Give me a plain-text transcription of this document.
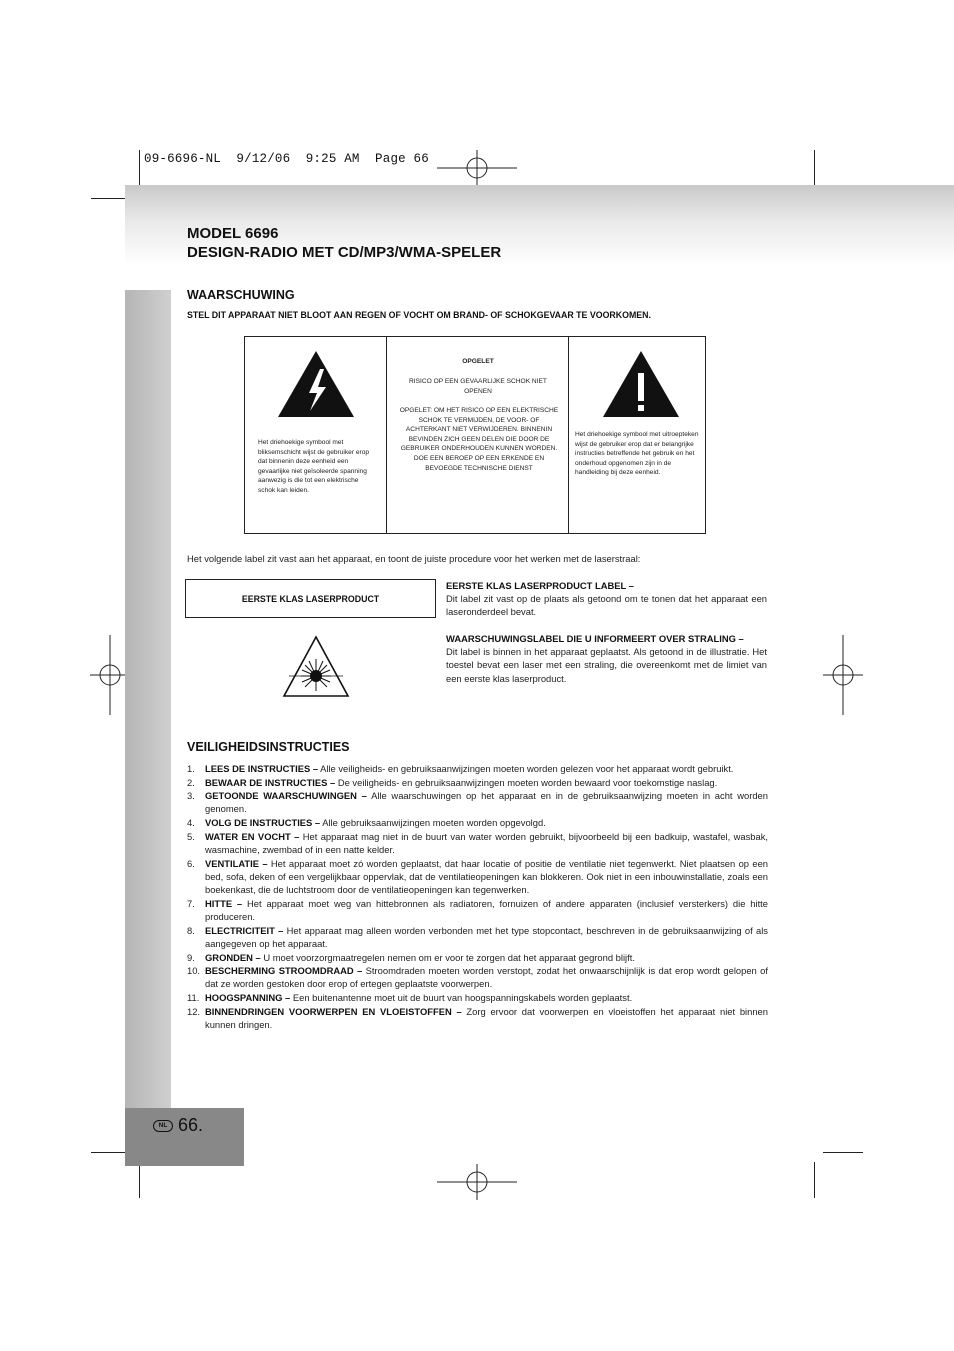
09-6696-NL  9/12/06  9:25 AM  Page 66
MODEL 6696
DESIGN-RADIO MET CD/MP3/WMA-SPELER
WAARSCHUWING
STEL DIT APPARAAT NIET BLOOT AAN REGEN OF VOCHT OM BRAND- OF SCHOKGEVAAR TE VOORKOMEN.
Het driehoekige symbool met bliksemschicht wijst de gebruiker erop dat binnenin deze eenheid een gevaarlijke niet geïsoleerde spanning aanwezig is die tot een elektrische schok kan leiden.
OPGELET
RISICO OP EEN GEVAARLIJKE SCHOK NIET OPENEN
OPGELET: OM HET RISICO OP EEN ELEKTRISCHE SCHOK TE VERMIJDEN, DE VOOR- OF ACHTERKANT NIET VERWIJDEREN. BINNENIN BEVINDEN ZICH GEEN DELEN DIE DOOR DE GEBRUIKER ONDERHOUDEN KUNNEN WORDEN. DOE EEN BEROEP OP EEN ERKENDE EN BEVOEGDE TECHNISCHE DIENST
Het driehoekige symbool met uitroepteken wijst de gebruiker erop dat er belangrijke instructies betreffende het gebruik en het onderhoud opgenomen zijn in de handleiding bij deze eenheid.
Het volgende label zit vast aan het apparaat, en toont de juiste procedure voor het werken met de laserstraal:
EERSTE KLAS LASERPRODUCT
EERSTE KLAS LASERPRODUCT LABEL –
Dit label zit vast op de plaats als getoond om te tonen dat het apparaat een laseronderdeel bevat.
WAARSCHUWINGSLABEL DIE U INFORMEERT OVER STRALING –
Dit label is binnen in het apparaat geplaatst. Als getoond in de illustratie. Het toestel bevat een laser met een straling, die overeenkomt met de limiet van een eerste klas laserproduct.
VEILIGHEIDSINSTRUCTIES
1.	LEES DE INSTRUCTIES – Alle veiligheids- en gebruiksaanwijzingen moeten worden gelezen voor het apparaat wordt gebruikt.
2.	BEWAAR DE INSTRUCTIES – De veiligheids- en gebruiksaanwijzingen moeten worden bewaard voor toekomstige naslag.
3.	GETOONDE WAARSCHUWINGEN – Alle waarschuwingen op het apparaat en in de gebruiksaanwijzing moeten in acht worden genomen.
4.	VOLG DE INSTRUCTIES – Alle gebruiksaanwijzingen moeten worden opgevolgd.
5.	WATER EN VOCHT – Het apparaat mag niet in de buurt van water worden gebruikt, bijvoorbeeld bij een badkuip, wastafel, wasbak, wasmachine, zwembad of in een natte kelder.
6.	VENTILATIE – Het apparaat moet zó worden geplaatst, dat haar locatie of positie de ventilatie niet tegenwerkt. Niet plaatsen op een bed, sofa, deken of een vergelijkbaar oppervlak, dat de ventilatieopeningen kan blokkeren. Ook niet in een inbouwinstallatie, zoals een boekenkast, die de luchtstroom door de ventilatieopeningen kan tegenwerken.
7.	HITTE – Het apparaat moet weg van hittebronnen als radiatoren, fornuizen of andere apparaten (inclusief versterkers) die hitte produceren.
8.	ELECTRICITEIT – Het apparaat mag alleen worden verbonden met het type stopcontact, beschreven in de gebruiksaanwijzing of als aangegeven op het apparaat.
9.	GRONDEN – U moet voorzorgmaatregelen nemen om er voor te zorgen dat het apparaat gegrond blijft.
10. BESCHERMING STROOMDRAAD – Stroomdraden moeten worden verstopt, zodat het onwaarschijnlijk is dat erop wordt gelopen of dat ze worden gestoken door erop of ertegen geplaatste voorwerpen.
11. HOOGSPANNING – Een buitenantenne moet uit de buurt van hoogspanningskabels worden geplaatst.
12. BINNENDRINGEN VOORWERPEN EN VLOEISTOFFEN – Zorg ervoor dat voorwerpen en vloeistoffen het apparaat niet binnen kunnen dringen.
NL 66.
